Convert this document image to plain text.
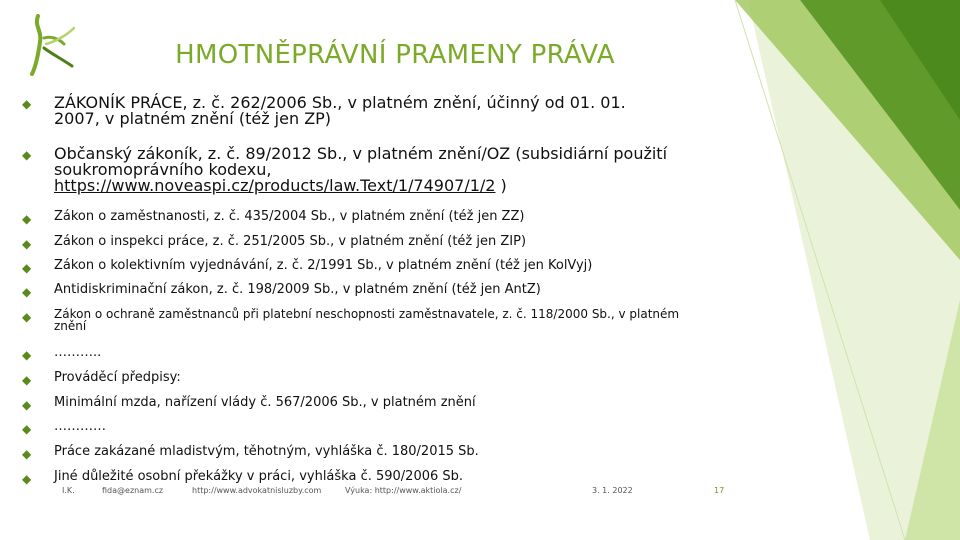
HMOTNĚPRÁVNÍ PRAMENY PRÁVA
◆	ZÁKONÍK PRÁCE, z. č. 262/2006 Sb., v platném znění, účinný od 01. 01.
2007, v platném znění (též jen ZP)
◆	Občanský zákoník, z. č. 89/2012 Sb., v platném znění/OZ (subsidiární použití
soukromoprávního kodexu,
https://www.noveaspi.cz/products/law.Text/1/74907/1/2 )
◆	Zákon o zaměstnanosti, z. č. 435/2004 Sb., v platném znění (též jen ZZ)
◆	Zákon o inspekci práce, z. č. 251/2005 Sb., v platném znění (též jen ZIP)
◆	Zákon o kolektivním vyjednávání, z. č. 2/1991 Sb., v platném znění (též jen KolVyj)
◆	Antidiskriminační zákon, z. č. 198/2009 Sb., v platném znění (též jen AntZ)
◆	Zákon o ochraně zaměstnanců při platební neschopnosti zaměstnavatele, z. č. 118/2000 Sb., v platném
znění
◆	………..
◆	Prováděcí předpisy:
◆	Minimální mzda, nařízení vlády č. 567/2006 Sb., v platném znění
◆	…………
◆	Práce zakázané mladistvým, těhotným, vyhláška č. 180/2015 Sb.
◆	Jiné důležité osobní překážky v práci, vyhláška č. 590/2006 Sb.
I.K.	fida@eznam.cz	http://www.advokatnisluzby.com	Výuka: http://www.aktiola.cz/	3. 1. 2022	17
